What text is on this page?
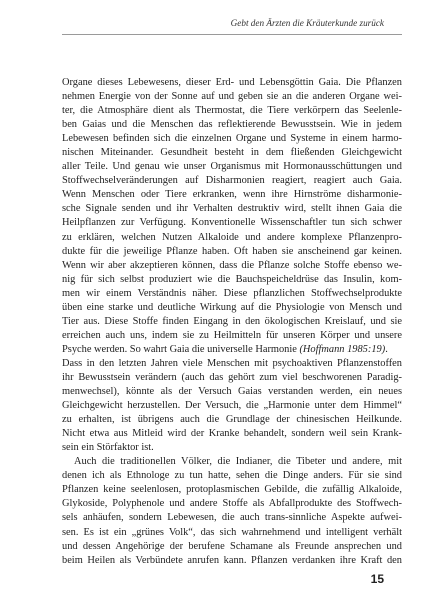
Gebt den Ärzten die Kräuterkunde zurück
Organe dieses Lebewesens, dieser Erd- und Lebensgöttin Gaia. Die Pflanzen
nehmen Energie von der Sonne auf und geben sie an die anderen Organe wei-
ter, die Atmosphäre dient als Thermostat, die Tiere verkörpern das Seelenle-
ben Gaias und die Menschen das reflektierende Bewusstsein. Wie in jedem
Lebewesen befinden sich die einzelnen Organe und Systeme in einem harmo-
nischen Miteinander. Gesundheit besteht in dem fließenden Gleichgewicht
aller Teile. Und genau wie unser Organismus mit Hormonausschüttungen und
Stoffwechselveränderungen auf Disharmonien reagiert, reagiert auch Gaia.
Wenn Menschen oder Tiere erkranken, wenn ihre Hirnströme disharmonie-
sche Signale senden und ihr Verhalten destruktiv wird, stellt ihnen Gaia die
Heilpflanzen zur Verfügung. Konventionelle Wissenschaftler tun sich schwer
zu erklären, welchen Nutzen Alkaloide und andere komplexe Pflanzenpro-
dukte für die jeweilige Pflanze haben. Oft haben sie anscheinend gar keinen.
Wenn wir aber akzeptieren können, dass die Pflanze solche Stoffe ebenso we-
nig für sich selbst produziert wie die Bauchspeicheldrüse das Insulin, kom-
men wir einem Verständnis näher. Diese pflanzlichen Stoffwechselprodukte
üben eine starke und deutliche Wirkung auf die Physiologie von Mensch und
Tier aus. Diese Stoffe finden Eingang in den ökologischen Kreislauf, und sie
erreichen auch uns, indem sie zu Heilmitteln für unseren Körper und unsere
Psyche werden. So wahrt Gaia die universelle Harmonie (Hoffmann 1985:19).
Dass in den letzten Jahren viele Menschen mit psychoaktiven Pflanzenstoffen
ihr Bewusstsein verändern (auch das gehört zum viel beschworenen Paradig-
menwechsel), könnte als der Versuch Gaias verstanden werden, ein neues
Gleichgewicht herzustellen. Der Versuch, die „Harmonie unter dem Himmel“
zu erhalten, ist übrigens auch die Grundlage der chinesischen Heilkunde.
Nicht etwa aus Mitleid wird der Kranke behandelt, sondern weil sein Krank-
sein ein Störfaktor ist.
Auch die traditionellen Völker, die Indianer, die Tibeter und andere, mit
denen ich als Ethnologe zu tun hatte, sehen die Dinge anders. Für sie sind
Pflanzen keine seelenlosen, protoplasmischen Gebilde, die zufällig Alkaloide,
Glykoside, Polyphenole und andere Stoffe als Abfallprodukte des Stoffwech-
sels anhäufen, sondern Lebewesen, die auch trans-sinnliche Aspekte aufwei-
sen. Es ist ein „grünes Volk“, das sich wahrnehmend und intelligent verhält
und dessen Angehörige der berufene Schamane als Freunde ansprechen und
beim Heilen als Verbündete anrufen kann. Pflanzen verdanken ihre Kraft den
15
